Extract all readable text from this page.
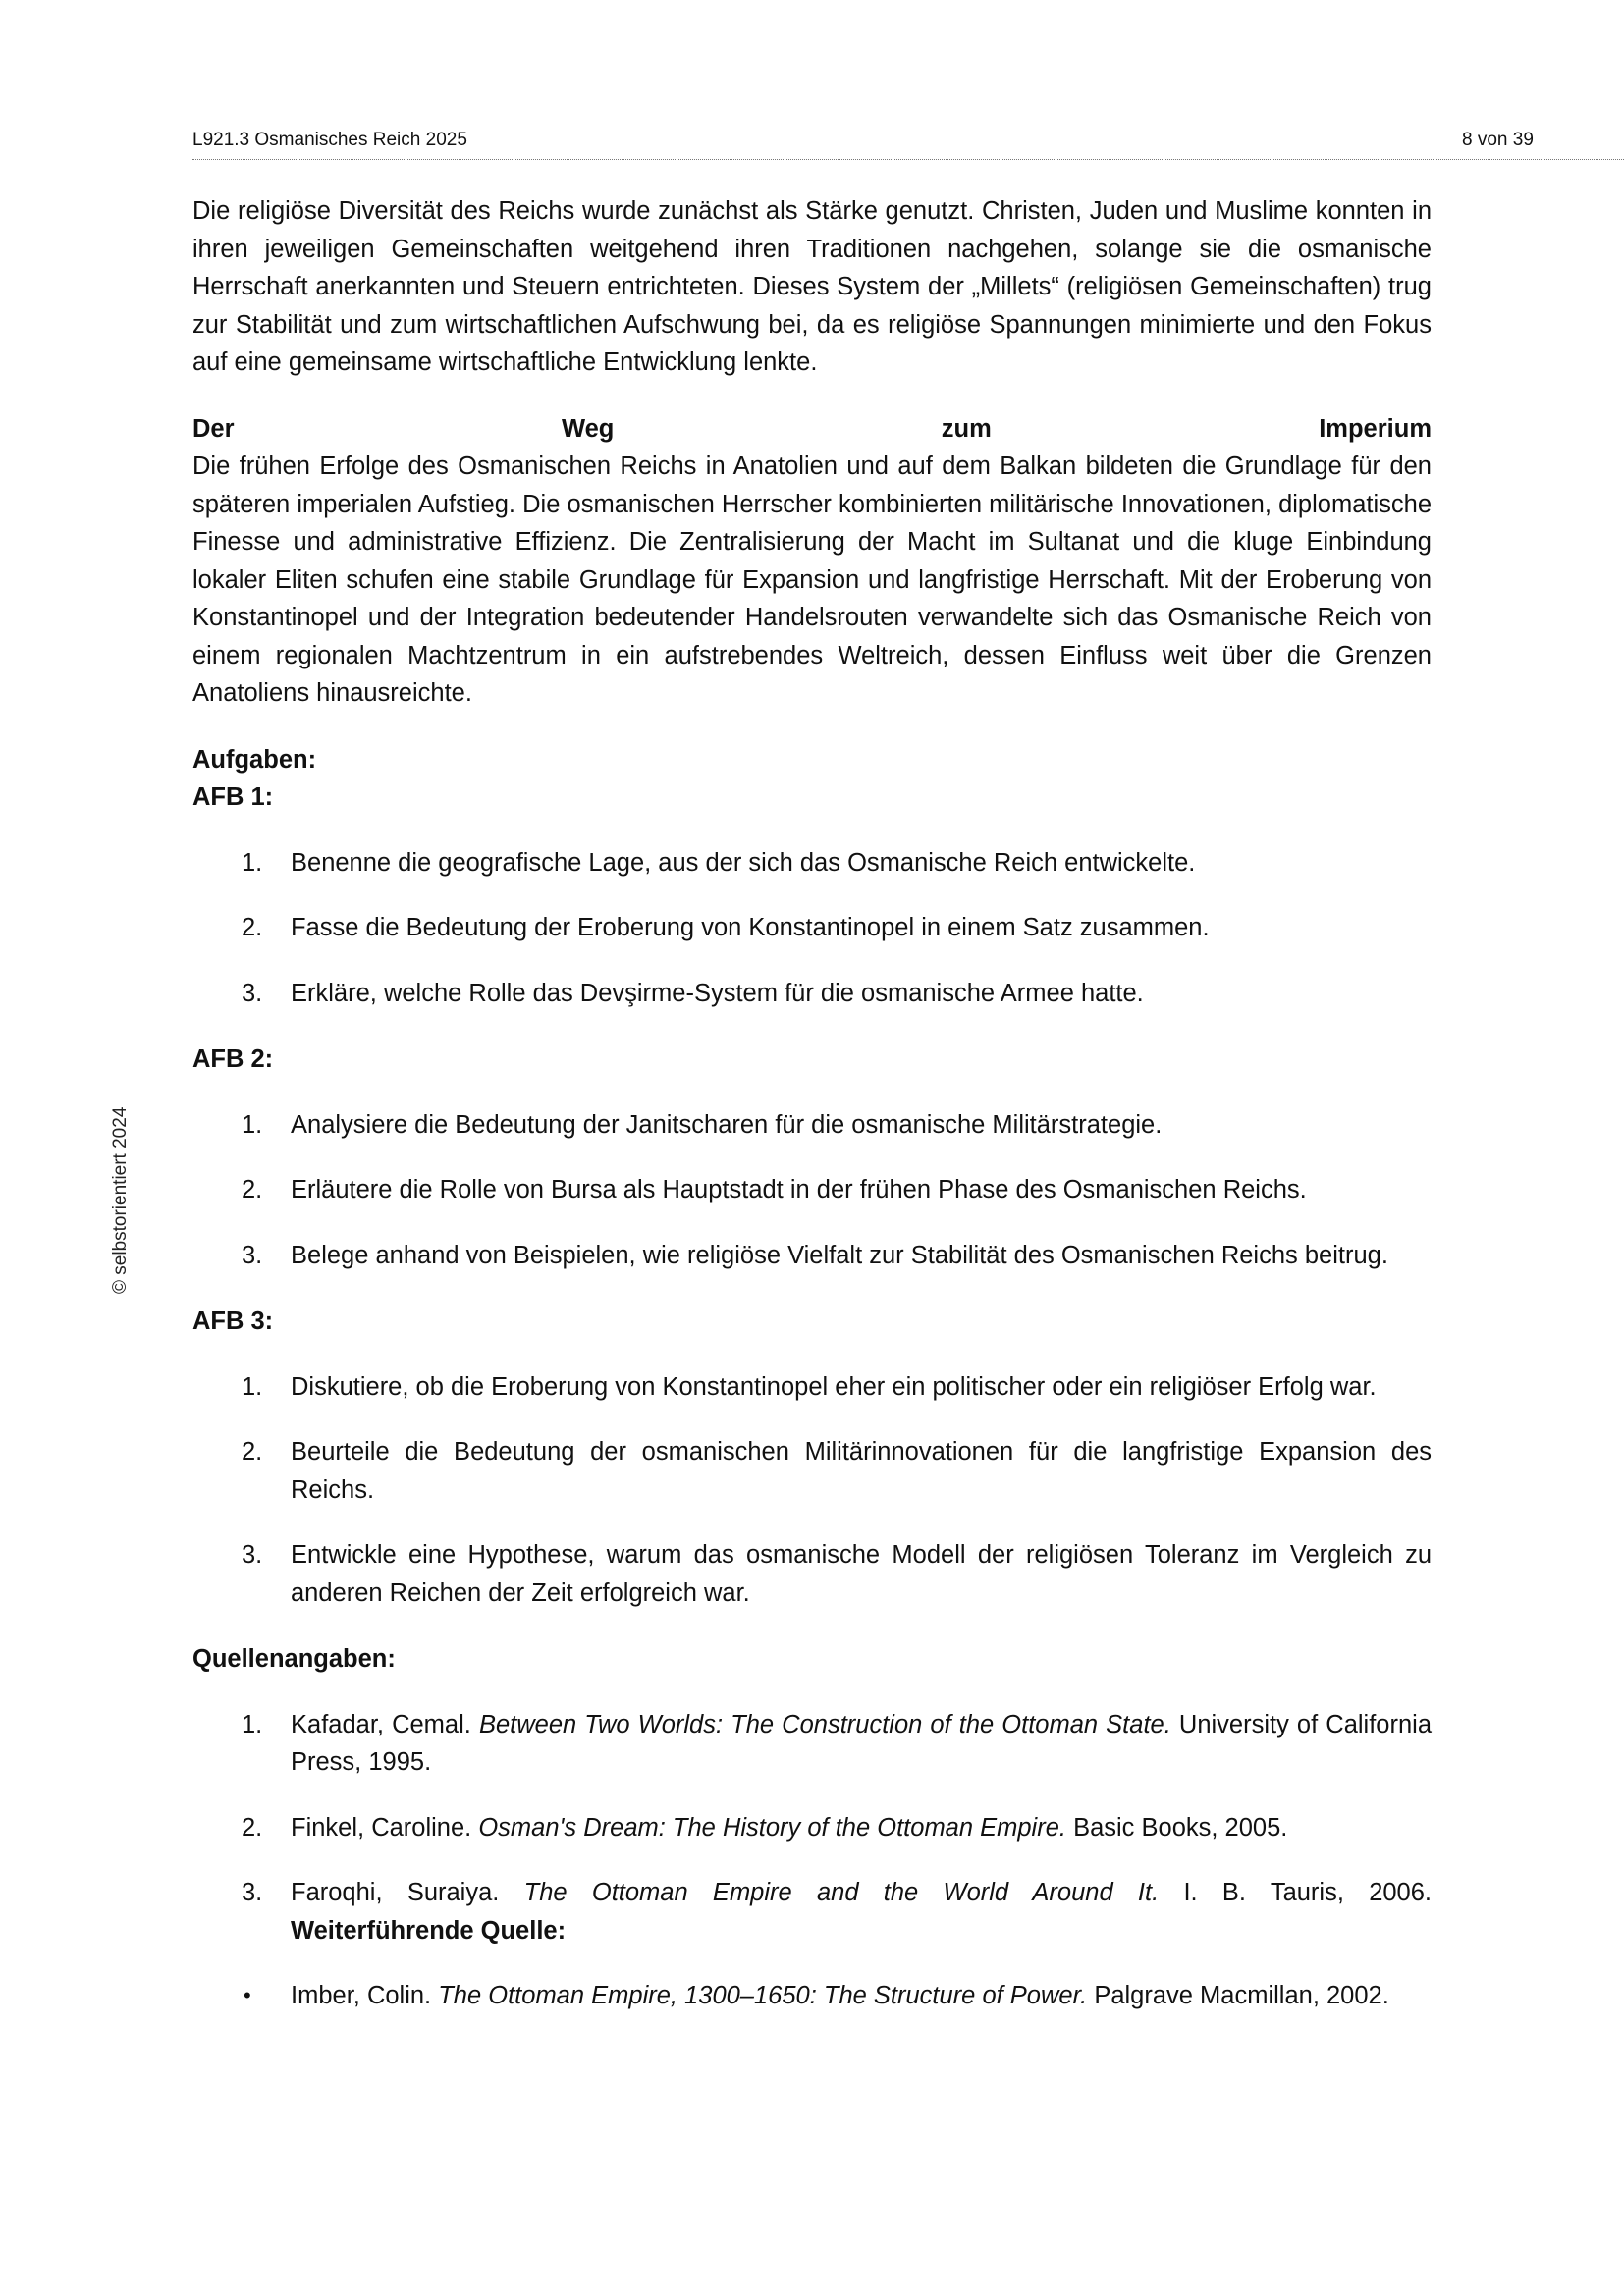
L921.3 Osmanisches Reich 2025	8 von 39
© selbstorientiert 2024

Die religiöse Diversität des Reichs wurde zunächst als Stärke genutzt. Christen, Juden und Muslime konnten in ihren jeweiligen Gemeinschaften weitgehend ihren Traditionen nachgehen, solange sie die osmanische Herrschaft anerkannten und Steuern entrichteten. Dieses System der „Millets“ (religiösen Gemeinschaften) trug zur Stabilität und zum wirtschaftlichen Aufschwung bei, da es religiöse Spannungen minimierte und den Fokus auf eine gemeinsame wirtschaftliche Entwicklung lenkte.

Der	Weg	zum	Imperium

Die frühen Erfolge des Osmanischen Reichs in Anatolien und auf dem Balkan bildeten die Grundlage für den späteren imperialen Aufstieg. Die osmanischen Herrscher kombinierten militärische Innovationen, diplomatische Finesse und administrative Effizienz. Die Zentralisierung der Macht im Sultanat und die kluge Einbindung lokaler Eliten schufen eine stabile Grundlage für Expansion und langfristige Herrschaft. Mit der Eroberung von Konstantinopel und der Integration bedeutender Handelsrouten verwandelte sich das Osmanische Reich von einem regionalen Machtzentrum in ein aufstrebendes Weltreich, dessen Einfluss weit über die Grenzen Anatoliens hinausreichte.

Aufgaben:

AFB 1:

1. Benenne die geografische Lage, aus der sich das Osmanische Reich entwickelte.
2. Fasse die Bedeutung der Eroberung von Konstantinopel in einem Satz zusammen.
3. Erkläre, welche Rolle das Devşirme-System für die osmanische Armee hatte.

AFB 2:

1. Analysiere die Bedeutung der Janitscharen für die osmanische Militärstrategie.
2. Erläutere die Rolle von Bursa als Hauptstadt in der frühen Phase des Osmanischen Reichs.
3. Belege anhand von Beispielen, wie religiöse Vielfalt zur Stabilität des Osmanischen Reichs beitrug.

AFB 3:

1. Diskutiere, ob die Eroberung von Konstantinopel eher ein politischer oder ein religiöser Erfolg war.
2. Beurteile die Bedeutung der osmanischen Militärinnovationen für die langfristige Expansion des Reichs.
3. Entwickle eine Hypothese, warum das osmanische Modell der religiösen Toleranz im Vergleich zu anderen Reichen der Zeit erfolgreich war.

Quellenangaben:

1. Kafadar, Cemal. Between Two Worlds: The Construction of the Ottoman State. University of California Press, 1995.
2. Finkel, Caroline. Osman's Dream: The History of the Ottoman Empire. Basic Books, 2005.
3. Faroqhi, Suraiya. The Ottoman Empire and the World Around It. I. B. Tauris, 2006.
Weiterführende Quelle:
• Imber, Colin. The Ottoman Empire, 1300–1650: The Structure of Power. Palgrave Macmillan, 2002.
